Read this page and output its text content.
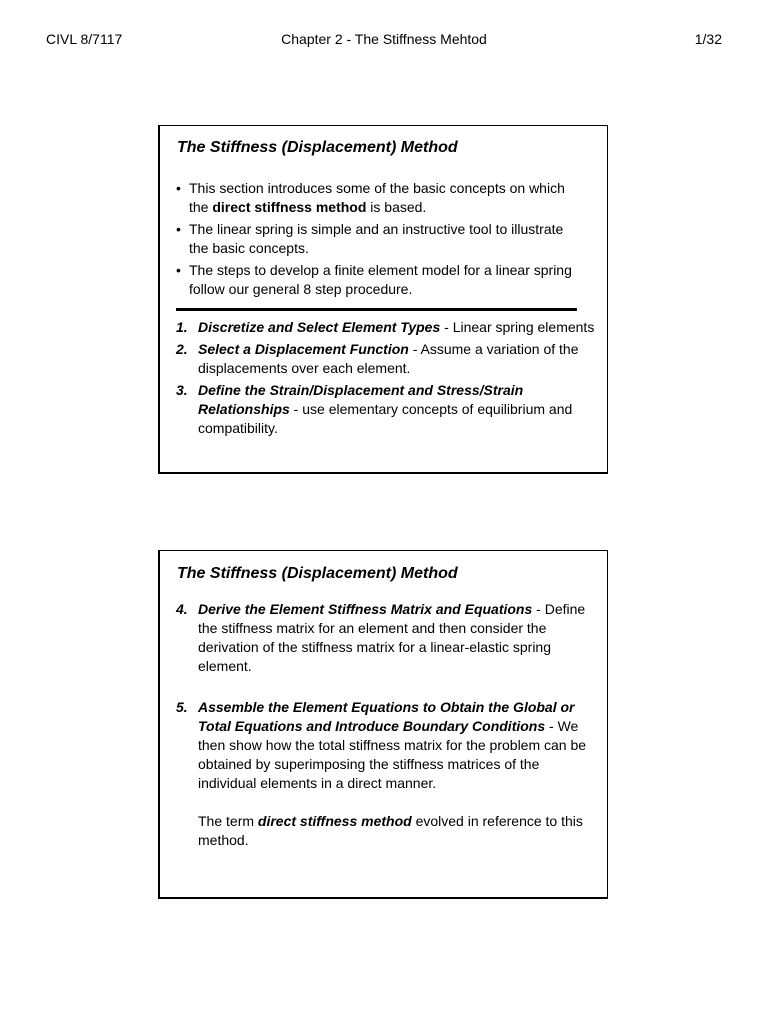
CIVL 8/7117	Chapter 2 - The Stiffness Mehtod	1/32
The Stiffness (Displacement) Method
• This section introduces some of the basic concepts on which the direct stiffness method is based.
• The linear spring is simple and an instructive tool to illustrate the basic concepts.
• The steps to develop a finite element model for a linear spring follow our general 8 step procedure.
1. Discretize and Select Element Types - Linear spring elements
2. Select a Displacement Function - Assume a variation of the displacements over each element.
3. Define the Strain/Displacement and Stress/Strain Relationships - use elementary concepts of equilibrium and compatibility.
The Stiffness (Displacement) Method
4. Derive the Element Stiffness Matrix and Equations - Define the stiffness matrix for an element and then consider the derivation of the stiffness matrix for a linear-elastic spring element.
5. Assemble the Element Equations to Obtain the Global or Total Equations and Introduce Boundary Conditions - We then show how the total stiffness matrix for the problem can be obtained by superimposing the stiffness matrices of the individual elements in a direct manner.

The term direct stiffness method evolved in reference to this method.
